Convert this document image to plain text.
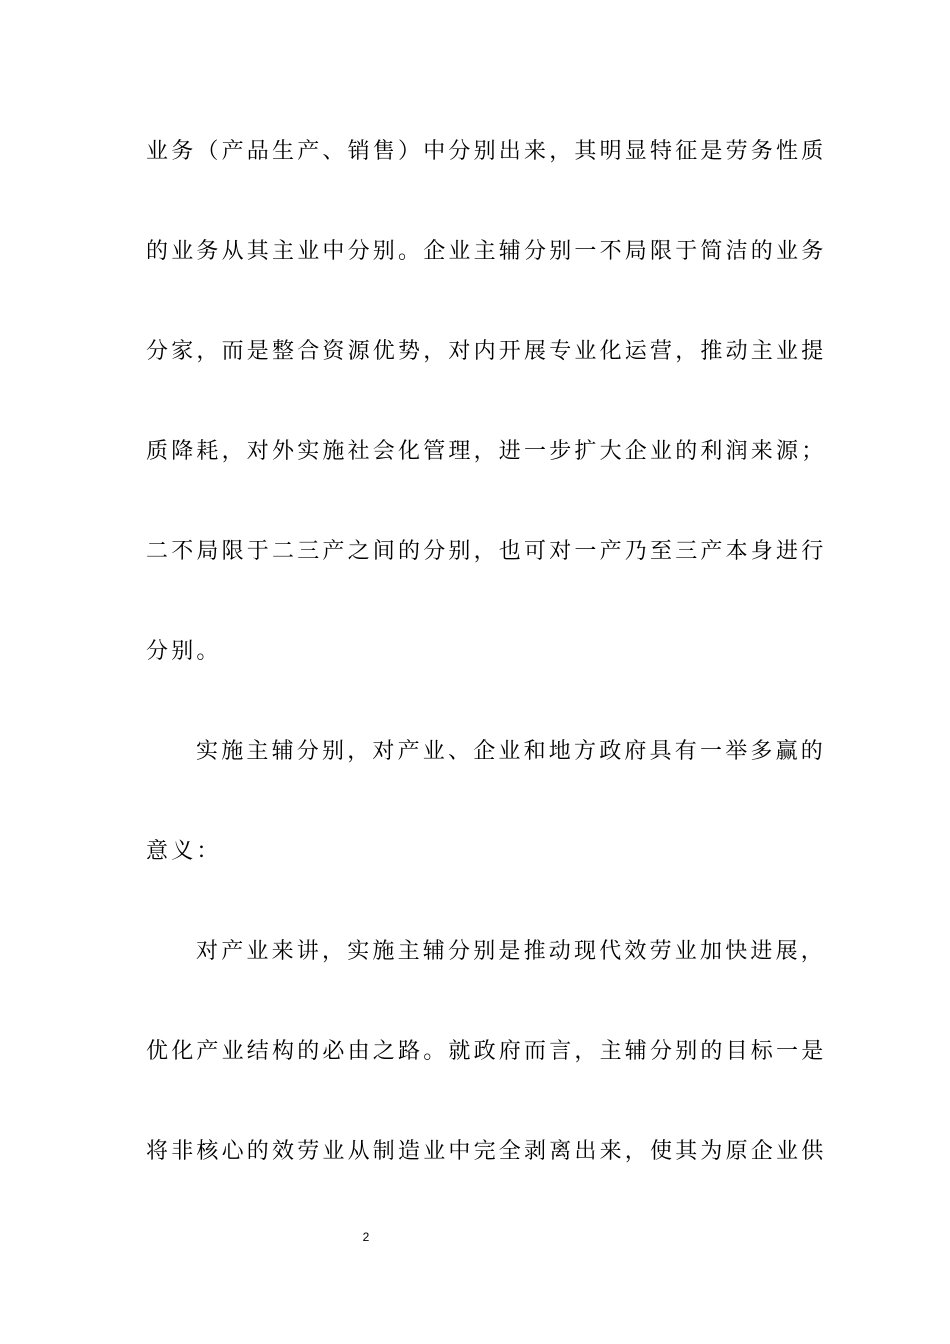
业务（产品生产、销售）中分别出来，其明显特征是劳务性质
的业务从其主业中分别。企业主辅分别一不局限于简洁的业务
分家，而是整合资源优势，对内开展专业化运营，推动主业提
质降耗，对外实施社会化管理，进一步扩大企业的利润来源；
二不局限于二三产之间的分别，也可对一产乃至三产本身进行
分别。
实施主辅分别，对产业、企业和地方政府具有一举多赢的
意义：
对产业来讲，实施主辅分别是推动现代效劳业加快进展，
优化产业结构的必由之路。就政府而言，主辅分别的目标一是
将非核心的效劳业从制造业中完全剥离出来，使其为原企业供
2
